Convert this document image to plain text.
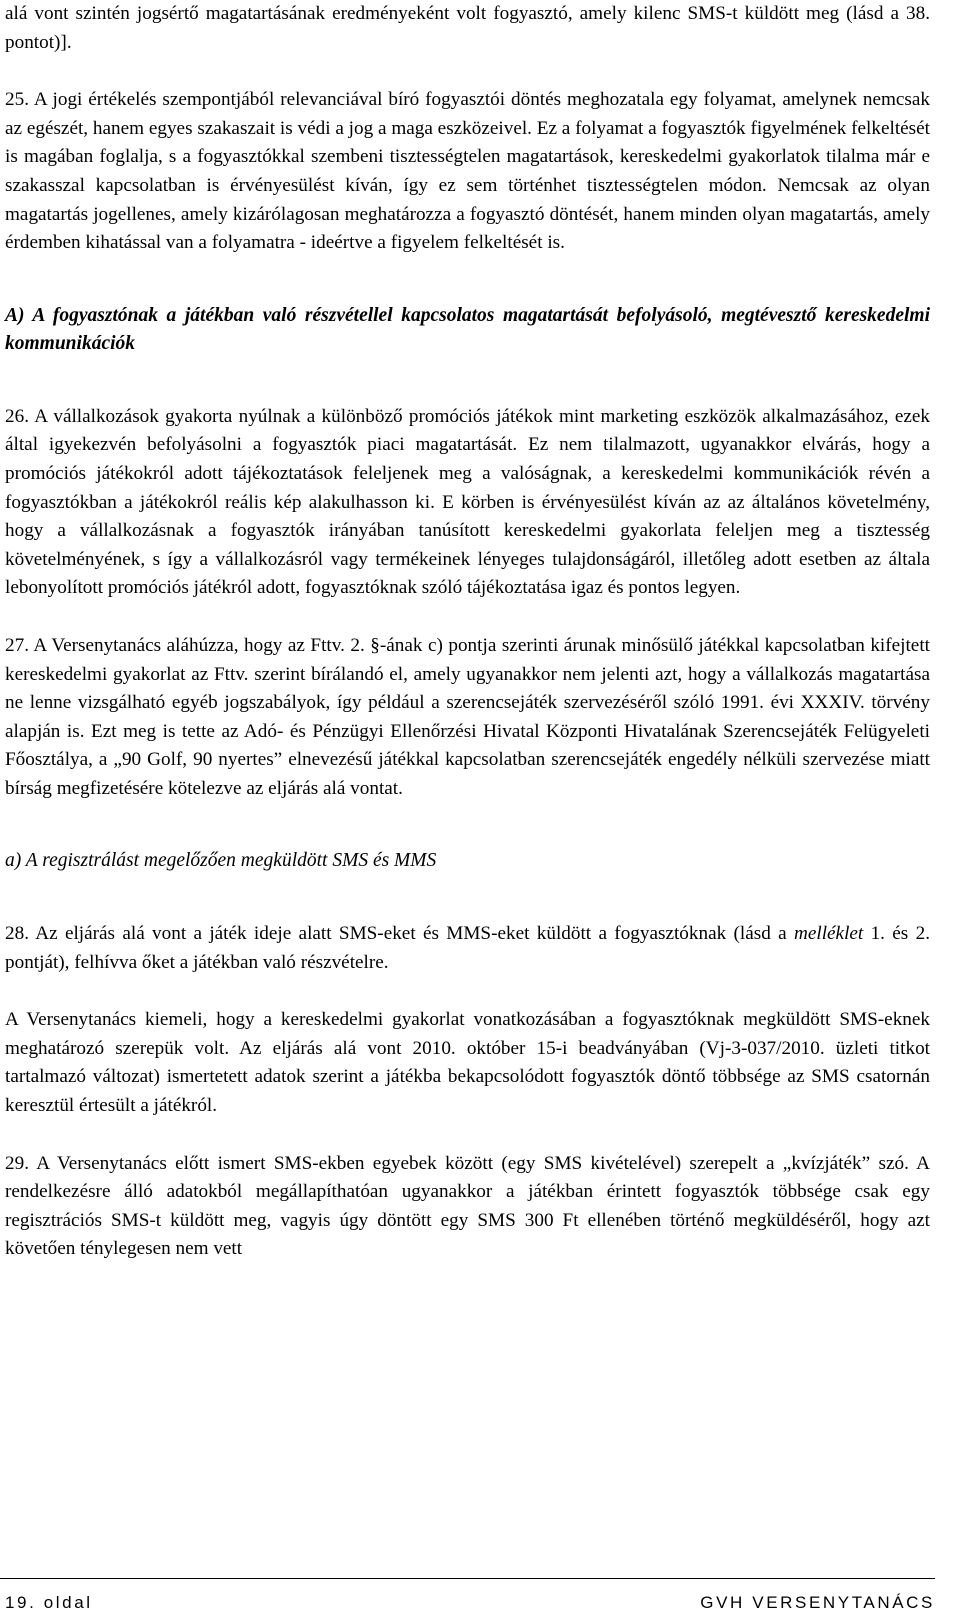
alá vont szintén jogsértő magatartásának eredményeként volt fogyasztó, amely kilenc SMS-t küldött meg (lásd a 38. pontot)].

25. A jogi értékelés szempontjából relevanciával bíró fogyasztói döntés meghozatala egy folyamat, amelynek nemcsak az egészét, hanem egyes szakaszait is védi a jog a maga eszközeivel. Ez a folyamat a fogyasztók figyelmének felkeltését is magában foglalja, s a fogyasztókkal szembeni tisztességtelen magatartások, kereskedelmi gyakorlatok tilalma már e szakasszal kapcsolatban is érvényesülést kíván, így ez sem történhet tisztességtelen módon. Nemcsak az olyan magatartás jogellenes, amely kizárólagosan meghatározza a fogyasztó döntését, hanem minden olyan magatartás, amely érdemben kihatással van a folyamatra - ideértve a figyelem felkeltését is.

A) A fogyasztónak a játékban való részvétellel kapcsolatos magatartását befolyásoló, megtévesztő kereskedelmi kommunikációk

26. A vállalkozások gyakorta nyúlnak a különböző promóciós játékok mint marketing eszközök alkalmazásához, ezek által igyekezvén befolyásolni a fogyasztók piaci magatartását. Ez nem tilalmazott, ugyanakkor elvárás, hogy a promóciós játékokról adott tájékoztatások feleljenek meg a valóságnak, a kereskedelmi kommunikációk révén a fogyasztókban a játékokról reális kép alakulhasson ki. E körben is érvényesülést kíván az az általános követelmény, hogy a vállalkozásnak a fogyasztók irányában tanúsított kereskedelmi gyakorlata feleljen meg a tisztesség követelményének, s így a vállalkozásról vagy termékeinek lényeges tulajdonságáról, illetőleg adott esetben az általa lebonyolított promóciós játékról adott, fogyasztóknak szóló tájékoztatása igaz és pontos legyen.

27. A Versenytanács aláhúzza, hogy az Fttv. 2. §-ának c) pontja szerinti árunak minősülő játékkal kapcsolatban kifejtett kereskedelmi gyakorlat az Fttv. szerint bírálandó el, amely ugyanakkor nem jelenti azt, hogy a vállalkozás magatartása ne lenne vizsgálható egyéb jogszabályok, így például a szerencsejáték szervezéséről szóló 1991. évi XXXIV. törvény alapján is. Ezt meg is tette az Adó- és Pénzügyi Ellenőrzési Hivatal Központi Hivatalának Szerencsejáték Felügyeleti Főosztálya, a „90 Golf, 90 nyertes” elnevezésű játékkal kapcsolatban szerencsejáték engedély nélküli szervezése miatt bírság megfizetésére kötelezve az eljárás alá vontat.

a) A regisztrálást megelőzően megküldött SMS és MMS

28. Az eljárás alá vont a játék ideje alatt SMS-eket és MMS-eket küldött a fogyasztóknak (lásd a melléklet 1. és 2. pontját), felhívva őket a játékban való részvételre.

A Versenytanács kiemeli, hogy a kereskedelmi gyakorlat vonatkozásában a fogyasztóknak megküldött SMS-eknek meghatározó szerepük volt. Az eljárás alá vont 2010. október 15-i beadványában (Vj-3-037/2010. üzleti titkot tartalmazó változat) ismertetett adatok szerint a játékba bekapcsolódott fogyasztók döntő többsége az SMS csatornán keresztül értesült a játékról.

29. A Versenytanács előtt ismert SMS-ekben egyebek között (egy SMS kivételével) szerepelt a „kvízjáték” szó. A rendelkezésre álló adatokból megállapíthatóan ugyanakkor a játékban érintett fogyasztók többsége csak egy regisztrációs SMS-t küldött meg, vagyis úgy döntött egy SMS 300 Ft ellenében történő megküldéséről, hogy azt követően ténylegesen nem vett

19. oldal	GVH VERSENYTANÁCS
